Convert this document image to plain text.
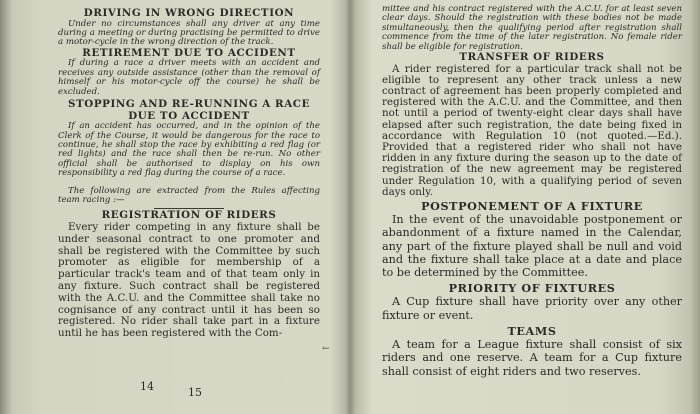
DRIVING IN WRONG DIRECTION

Under no circumstances shall any driver at any time during a meeting or during practising be permitted to drive a motor-cycle in the wrong direction of the track.

RETIREMENT DUE TO ACCIDENT

If during a race a driver meets with an accident and receives any outside assistance (other than the removal of himself or his motor-cycle off the course) he shall be excluded.

STOPPING AND RE-RUNNING A RACE DUE TO ACCIDENT

If an accident has occurred, and in the opinion of the Clerk of the Course, it would be dangerous for the race to continue, he shall stop the race by exhibiting a red flag (or red lights) and the race shall then be re-run. No other official shall be authorised to display on his own responsibility a red flag during the course of a race.

The following are extracted from the Rules affecting team racing :—

REGISTRATION OF RIDERS

Every rider competing in any fixture shall be under seasonal contract to one promoter and shall be registered with the Committee by such promoter as eligible for membership of a particular track's team and of that team only in any fixture. Such contract shall be registered with the A.C.U. and the Committee shall take no cognisance of any contract until it has been so registered. No rider shall take part in a fixture until he has been registered with the Com-

←
14

mittee and his contract registered with the A.C.U. for at least seven clear days. Should the registration with these bodies not be made simultaneously, then the qualifying period after registration shall commence from the time of the later registration. No female rider shall be eligible for registration.

TRANSFER OF RIDERS

A rider registered for a particular track shall not be eligible to represent any other track unless a new contract of agreement has been properly completed and registered with the A.C.U. and the Committee, and then not until a period of twenty-eight clear days shall have elapsed after such registration, the date being fixed in accordance with Regulation 10 (not quoted.—Ed.). Provided that a registered rider who shall not have ridden in any fixture during the season up to the date of registration of the new agreement may be registered under Regulation 10, with a qualifying period of seven days only.

POSTPONEMENT OF A FIXTURE

In the event of the unavoidable postponement or abandonment of a fixture named in the Calendar, any part of the fixture played shall be null and void and the fixture shall take place at a date and place to be determined by the Committee.

PRIORITY OF FIXTURES

A Cup fixture shall have priority over any other fixture or event.

TEAMS

A team for a League fixture shall consist of six riders and one reserve. A team for a Cup fixture shall consist of eight riders and two reserves.

15
